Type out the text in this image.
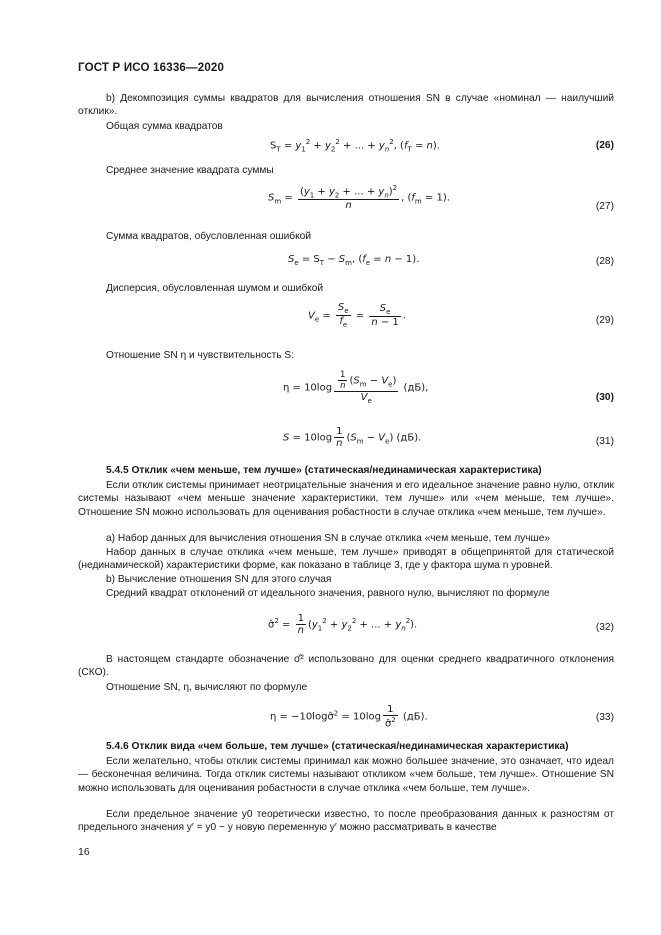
ГОСТ Р ИСО 16336—2020
b) Декомпозиция суммы квадратов для вычисления отношения SN в случае «номинал — наилучший отклик».
Общая сумма квадратов
$S_T = y_1^2 + y_2^2$ + ... + $y_n^2$, $(f_T = n)$.	(26)
Среднее значение квадрата суммы
$S_m = \frac{(y_1 + y_2 + ... + y_n)^2}{n}$ , $(f_m = 1)$.
(27)
Сумма квадратов, обусловленная ошибкой
$S_e = S_T - S_m$, $(f_e = n - 1)$.	(28)
Дисперсия, обусловленная шумом и ошибкой
$V_e = \frac{S_e}{f_e} = \frac{S_e}{n - 1}$ .	(29)
Отношение SN η и чувствительность S:
$\eta = 10\log \frac{\frac{1}{n} (S_m - V_e)}{V_e} (дБ)$,
(30)
$S = 10\log \frac{1}{n} (S_m - V_e)$ (дБ).	(31)
5.4.5 Отклик «чем меньше, тем лучше» (статическая/нединамическая характеристика)
Если отклик системы принимает неотрицательные значения и его идеальное значение равно нулю, отклик системы называют «чем меньше значение характеристики, тем лучше» или «чем меньше, тем лучше». Отношение SN можно использовать для оценивания робастности в случае отклика «чем меньше, тем лучше».
a) Набор данных для вычисления отношения SN в случае отклика «чем меньше, тем лучше»
Набор данных в случае отклика «чем меньше, тем лучше» приводят в общепринятой для статической (нединамической) характеристики форме, как показано в таблице 3, где у фактора шума n уровней.
b) Вычисление отношения SN для этого случая
Средний квадрат отклонений от идеального значения, равного нулю, вычисляют по формуле
σ̂$^2$ = $\frac{1}{n} (y_1^2 + y_2^2$ + ... + $y_n^2$).	(32)
В настоящем стандарте обозначение σ̂² использовано для оценки среднего квадратичного отклонения (СКО).
Отношение SN, η, вычисляют по формуле
η = −10logσ̂$^2$ = $10\log \frac{1}{\sigmâ^2} (дБ)$.	(33)
5.4.6 Отклик вида «чем больше, тем лучше» (статическая/нединамическая характеристика)
Если желательно, чтобы отклик системы принимал как можно большее значение, это означает, что идеал — бесконечная величина. Тогда отклик системы называют откликом «чем больше, тем лучше». Отношение SN можно использовать для оценивания робастности в случае отклика «чем больше, тем лучше».
Если предельное значение y0 теоретически известно, то после преобразования данных к разностям от предельного значения y′ = y0 − y новую переменную y′ можно рассматривать в качестве
16
